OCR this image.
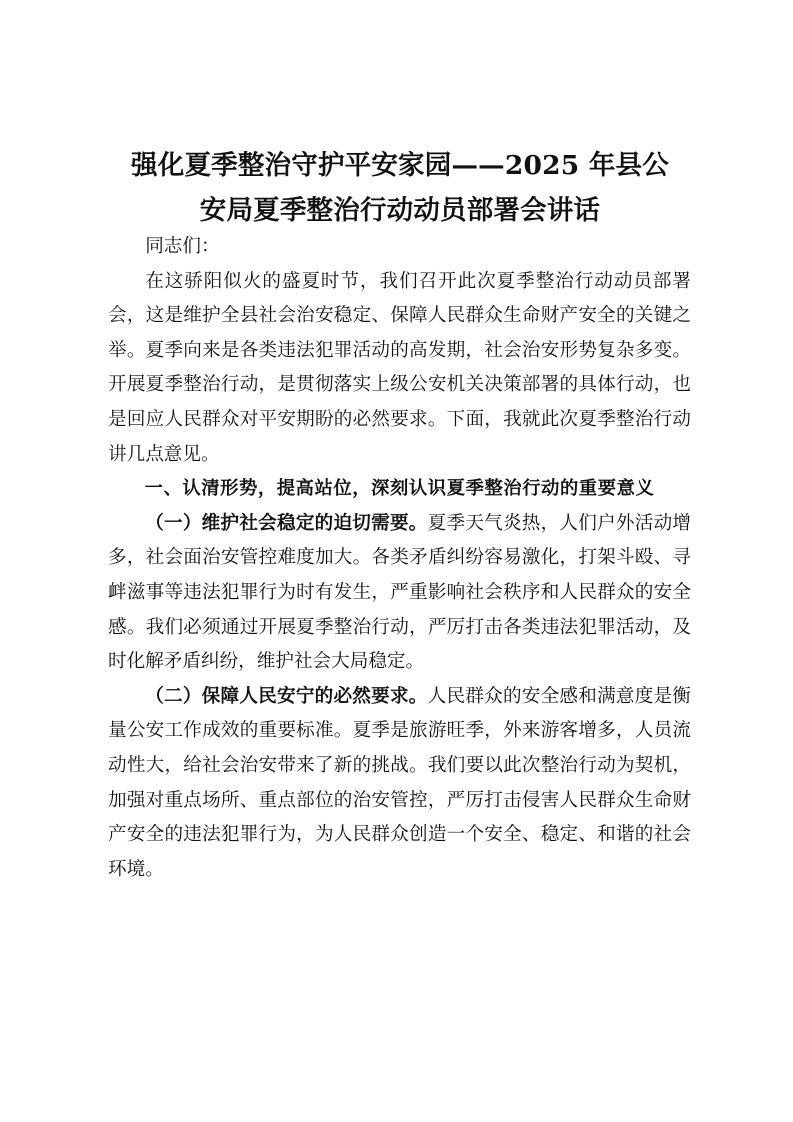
强化夏季整治守护平安家园——2025 年县公
安局夏季整治行动动员部署会讲话

同志们：

在这骄阳似火的盛夏时节，我们召开此次夏季整治行动动员部署会，这是维护全县社会治安稳定、保障人民群众生命财产安全的关键之举。夏季向来是各类违法犯罪活动的高发期，社会治安形势复杂多变。开展夏季整治行动，是贯彻落实上级公安机关决策部署的具体行动，也是回应人民群众对平安期盼的必然要求。下面，我就此次夏季整治行动讲几点意见。

一、认清形势，提高站位，深刻认识夏季整治行动的重要意义

（一）维护社会稳定的迫切需要。夏季天气炎热，人们户外活动增多，社会面治安管控难度加大。各类矛盾纠纷容易激化，打架斗殴、寻衅滋事等违法犯罪行为时有发生，严重影响社会秩序和人民群众的安全感。我们必须通过开展夏季整治行动，严厉打击各类违法犯罪活动，及时化解矛盾纠纷，维护社会大局稳定。

（二）保障人民安宁的必然要求。人民群众的安全感和满意度是衡量公安工作成效的重要标准。夏季是旅游旺季，外来游客增多，人员流动性大，给社会治安带来了新的挑战。我们要以此次整治行动为契机，加强对重点场所、重点部位的治安管控，严厉打击侵害人民群众生命财产安全的违法犯罪行为，为人民群众创造一个安全、稳定、和谐的社会环境。
